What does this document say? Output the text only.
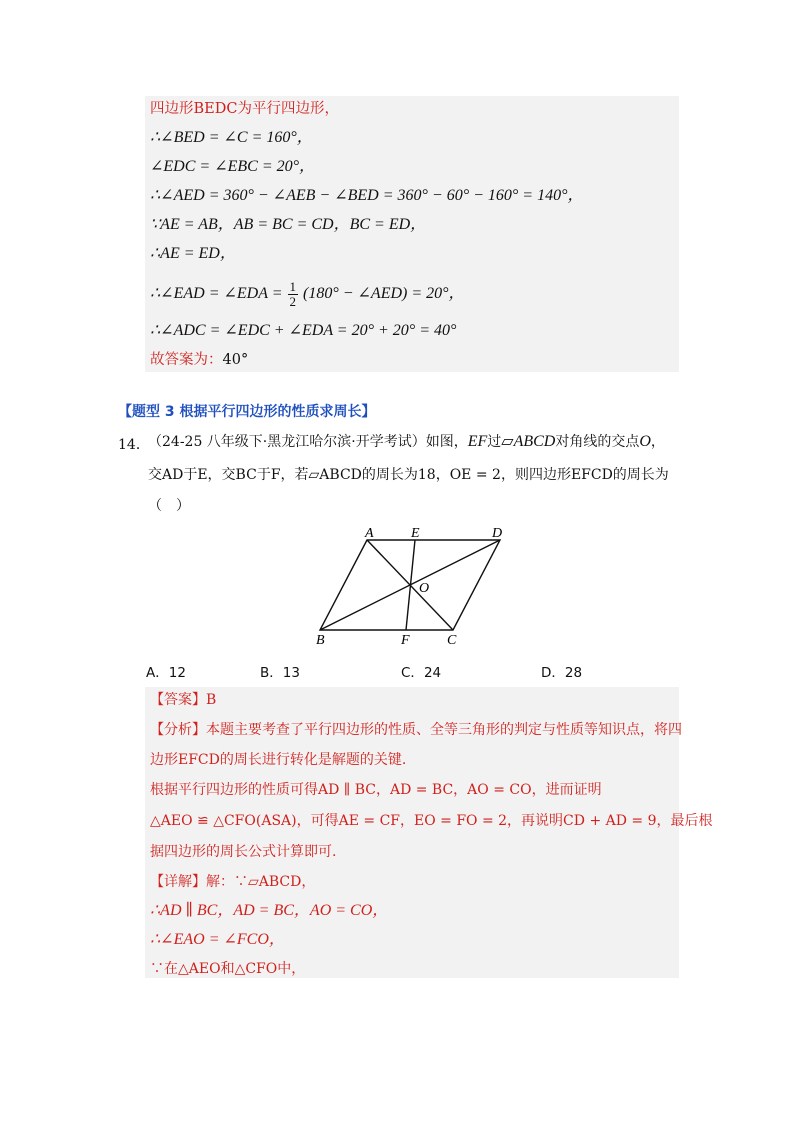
四边形BEDC为平行四边形，
∴∠BED = ∠C = 160°，
∠EDC = ∠EBC = 20°，
∴∠AED = 360° − ∠AEB − ∠BED = 360° − 60° − 160° = 140°，
∵AE = AB，AB = BC = CD，BC = ED，
∴AE = ED，
∴∠EAD = ∠EDA = $\frac{1}{2} (180^\circ$ − ∠AED) = 20°，
∴∠ADC = ∠EDC + ∠EDA = 20° + 20° = 40°
故答案为：40°
【题型 3 根据平行四边形的性质求周长】
14．
（24-25 八年级下·黑龙江哈尔滨·开学考试）如图，EF过▱ABCD对角线的交点O，
交AD于E，交BC于F，若▱ABCD的周长为18，OE = 2，则四边形EFCD的周长为
（　）
A	E	D
O
B	F	C
A．12	B．13	C．24	D．28
【答案】B
【分析】本题主要考查了平行四边形的性质、全等三角形的判定与性质等知识点，将四
边形EFCD的周长进行转化是解题的关键.
根据平行四边形的性质可得AD ∥ BC，AD = BC，AO = CO，进而证明
△AEO ≌ △CFO(ASA)，可得AE = CF，EO = FO = 2，再说明CD + AD = 9，最后根
据四边形的周长公式计算即可.
【详解】解：∵▱ABCD，
∴AD ∥ BC，AD = BC，AO = CO，
∴∠EAO = ∠FCO，
∵在△AEO和△CFO中，
